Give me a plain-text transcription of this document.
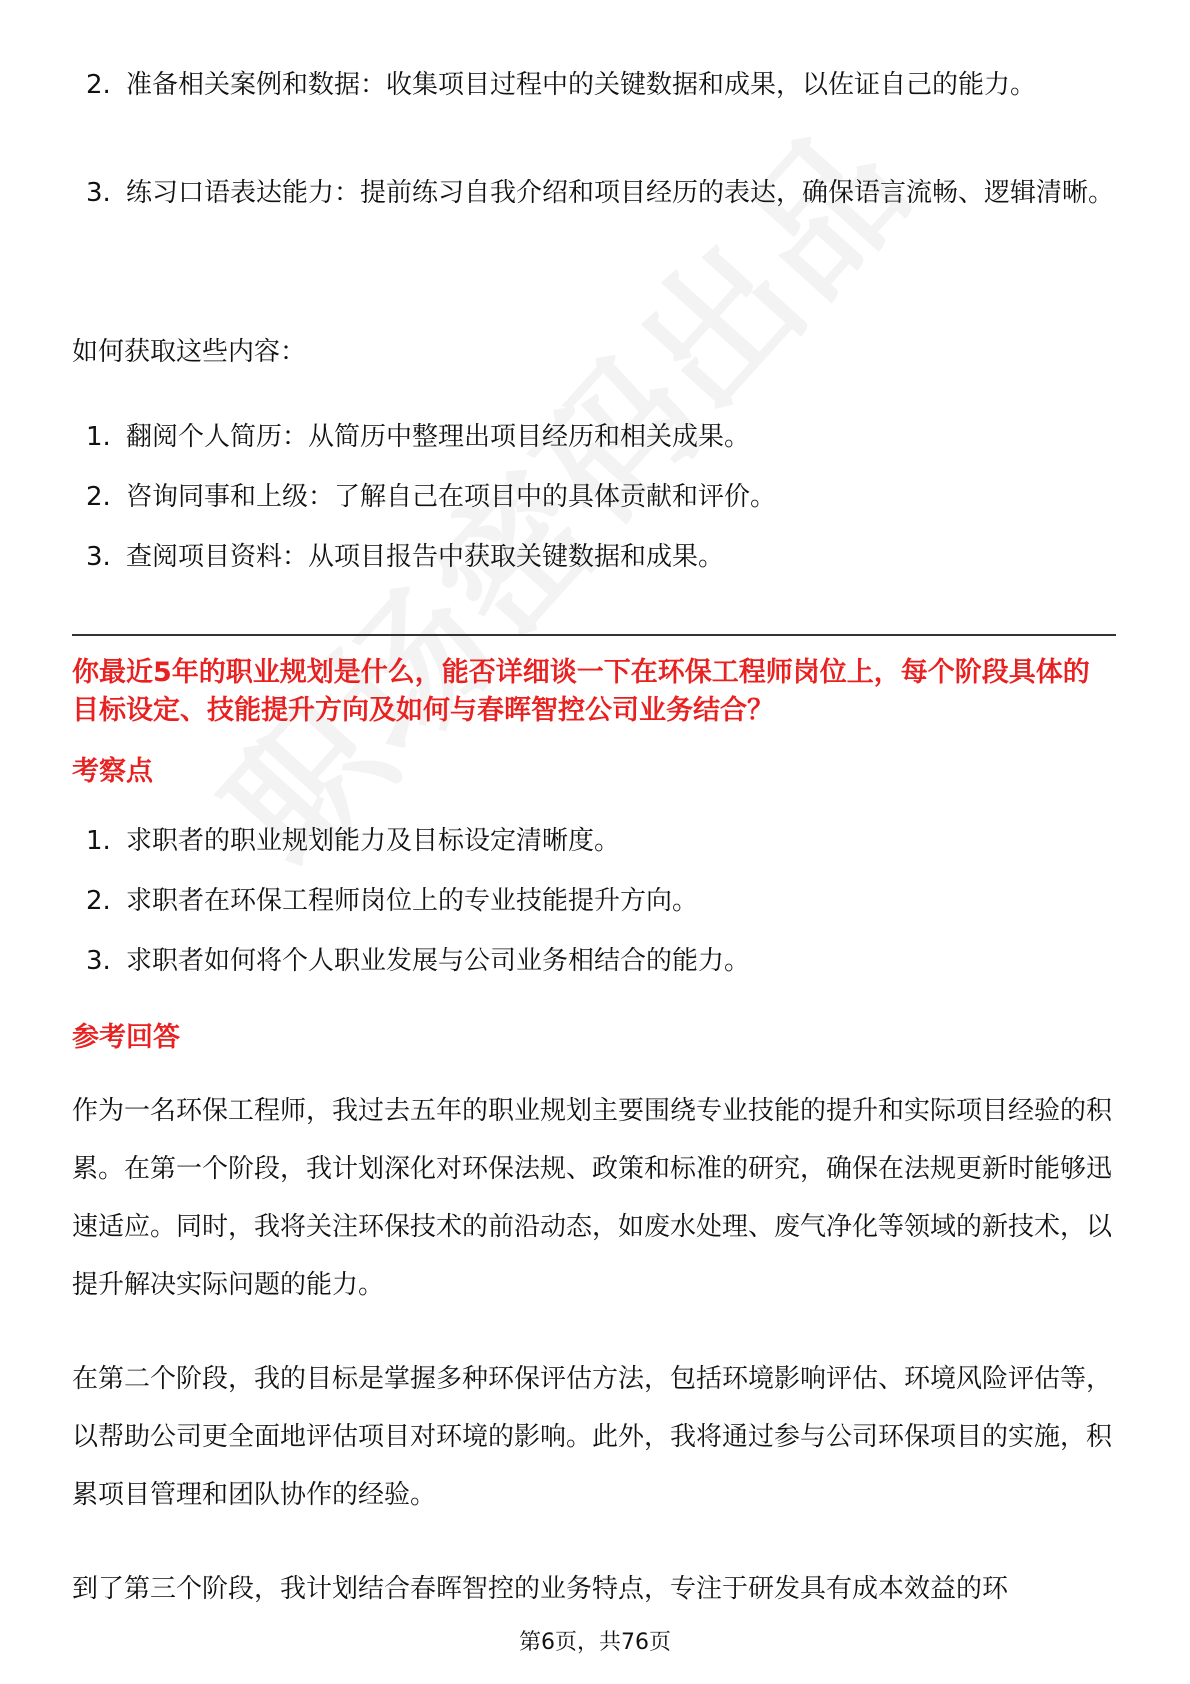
2. 准备相关案例和数据：收集项目过程中的关键数据和成果，以佐证自己的能力。
3. 练习口语表达能力：提前练习自我介绍和项目经历的表达，确保语言流畅、逻辑清晰。
如何获取这些内容：
1. 翻阅个人简历：从简历中整理出项目经历和相关成果。
2. 咨询同事和上级：了解自己在项目中的具体贡献和评价。
3. 查阅项目资料：从项目报告中获取关键数据和成果。
你最近5年的职业规划是什么，能否详细谈一下在环保工程师岗位上，每个阶段具体的目标设定、技能提升方向及如何与春晖智控公司业务结合？
考察点
1. 求职者的职业规划能力及目标设定清晰度。
2. 求职者在环保工程师岗位上的专业技能提升方向。
3. 求职者如何将个人职业发展与公司业务相结合的能力。
参考回答
作为一名环保工程师，我过去五年的职业规划主要围绕专业技能的提升和实际项目经验的积累。在第一个阶段，我计划深化对环保法规、政策和标准的研究，确保在法规更新时能够迅速适应。同时，我将关注环保技术的前沿动态，如废水处理、废气净化等领域的新技术，以提升解决实际问题的能力。
在第二个阶段，我的目标是掌握多种环保评估方法，包括环境影响评估、环境风险评估等，以帮助公司更全面地评估项目对环境的影响。此外，我将通过参与公司环保项目的实施，积累项目管理和团队协作的经验。
到了第三个阶段，我计划结合春晖智控的业务特点，专注于研发具有成本效益的环
第6页，共76页
